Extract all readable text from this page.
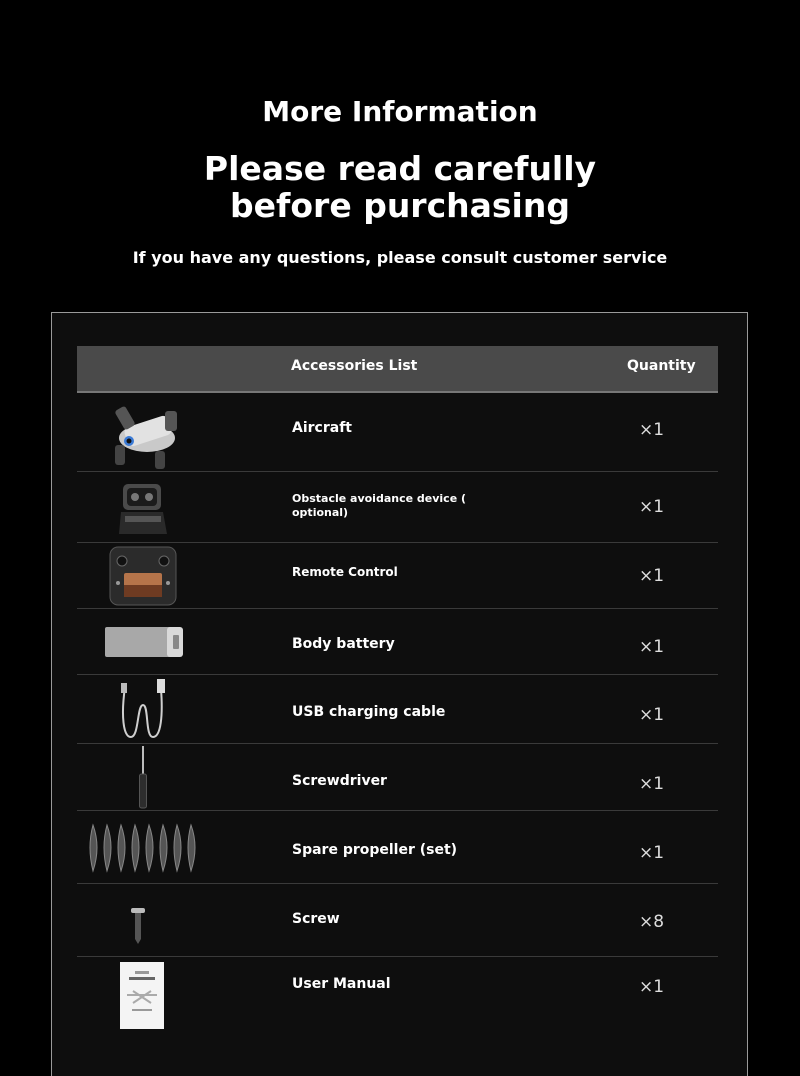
More Information
Please read carefully before purchasing
If you have any questions, please consult customer service
Accessories List	Quantity
Aircraft	×1
Obstacle avoidance device ( optional)	×1
Remote Control	×1
Body battery	×1
USB charging cable	×1
Screwdriver	×1
Spare propeller (set)	×1
Screw	×8
User Manual	×1
